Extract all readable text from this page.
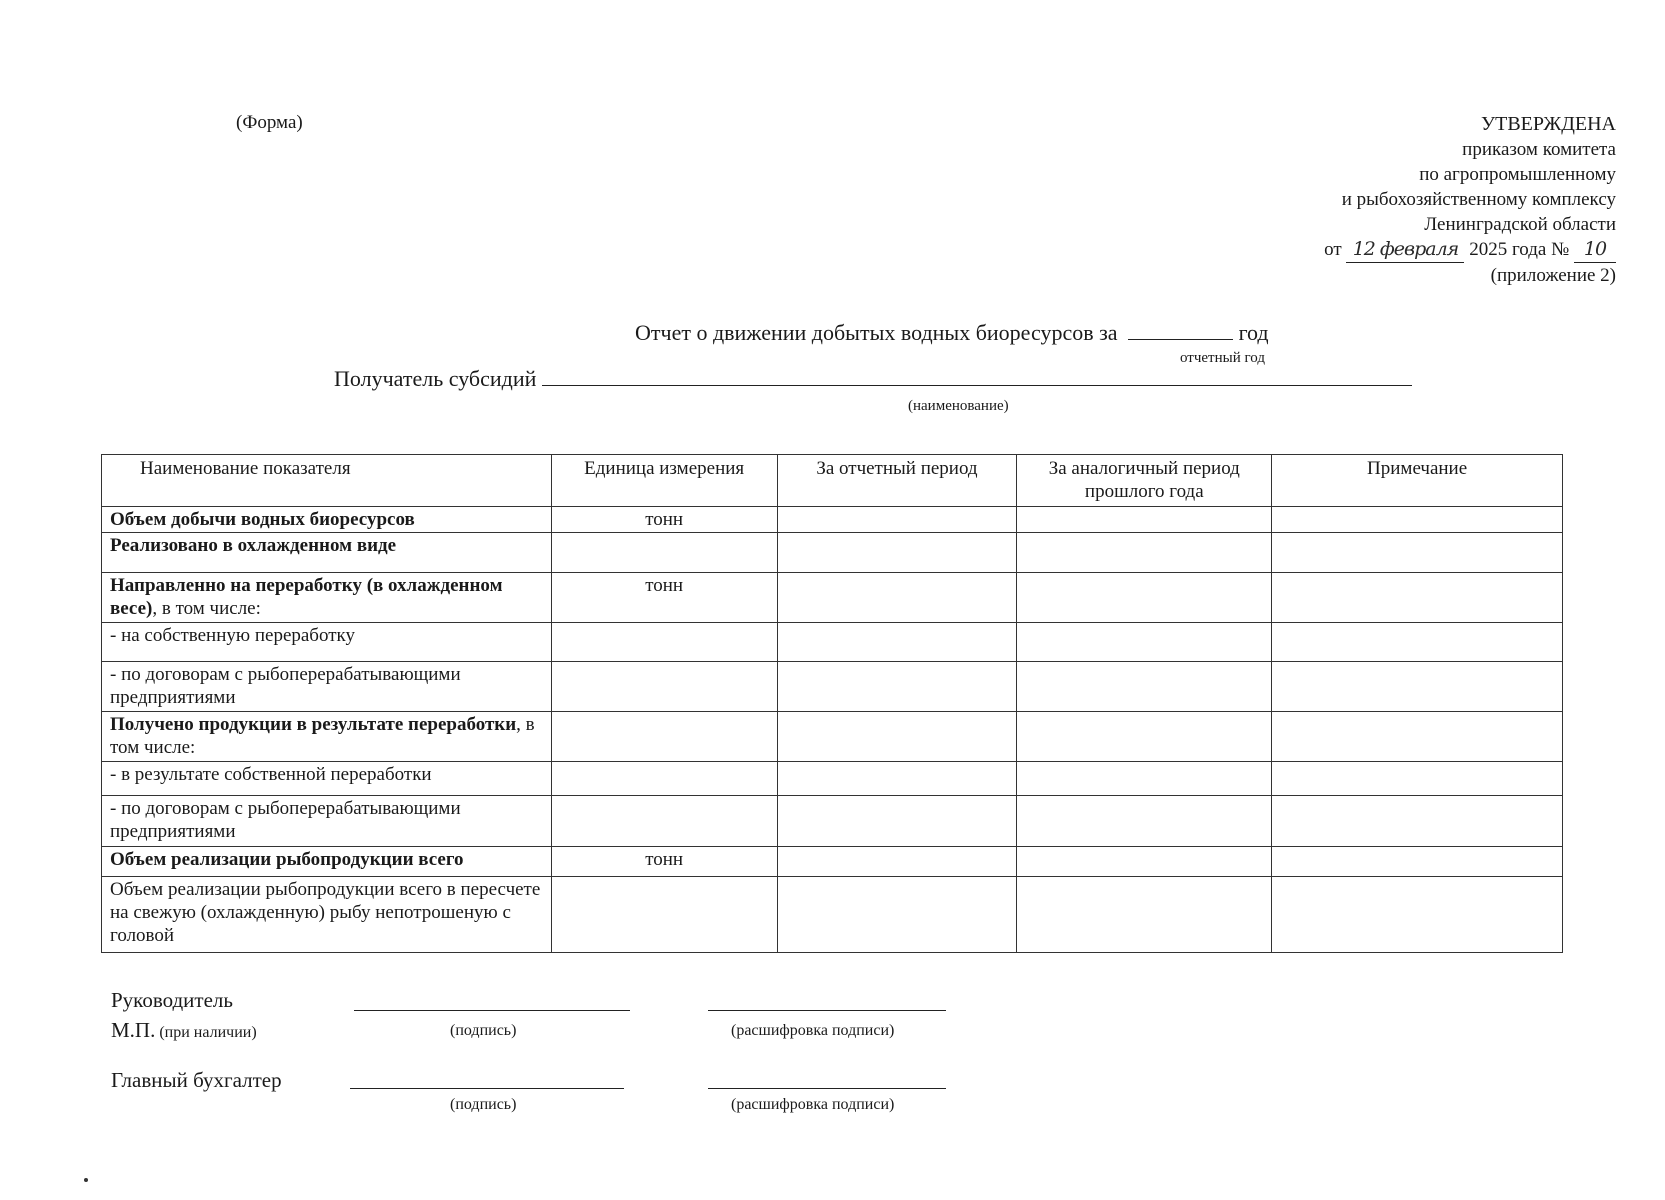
(Форма)	УТВЕРЖДЕНА
приказом комитета
по агропромышленному
и рыбохозяйственному комплексу
Ленинградской области
от 12 февраля 2025 года № 10
(приложение 2)
Отчет о движении добытых водных биоресурсов за	год
отчетный год
Получатель субсидий
(наименование)
Наименование показателя	Единица измерения	За отчетный период	За аналогичный период прошлого года	Примечание
Объем добычи водных биоресурсов	тонн			
Реализовано в охлажденном виде				
Направленно на переработку (в охлажденном весе), в том числе:	тонн			
- на собственную переработку				
- по договорам с рыбоперерабатывающими предприятиями				
Получено продукции в результате переработки, в том числе:				
- в результате собственной переработки				
- по договорам с рыбоперерабатывающими предприятиями				
Объем реализации рыбопродукции всего	тонн			
Объем реализации рыбопродукции всего в пересчете на свежую (охлажденную) рыбу непотрошеную с головой				
Руководитель
М.П. (при наличии)	(подпись)	(расшифровка подписи)
Главный бухгалтер
(подпись)	(расшифровка подписи)
